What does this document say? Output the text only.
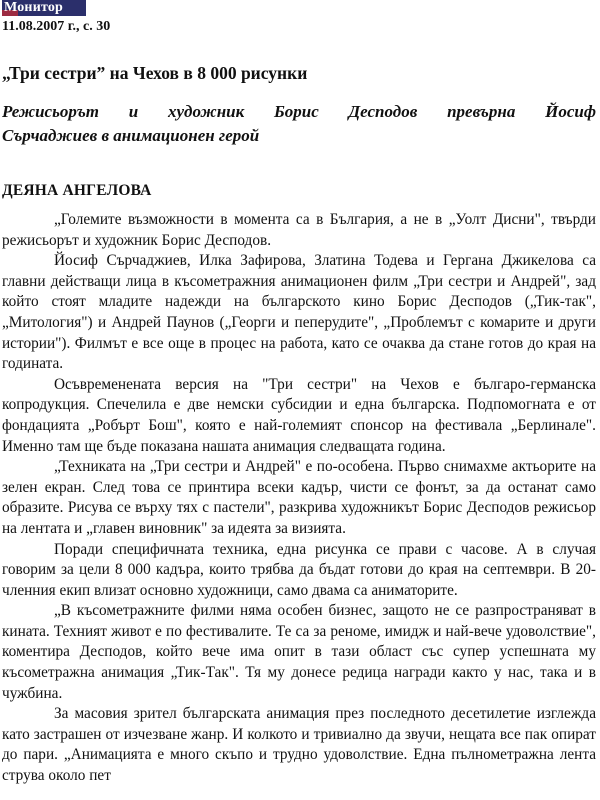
Монитор
11.08.2007 г., с. 30
„Три сестри” на Чехов в 8 000 рисунки
Режисьорът и художник Борис Десподов превърна Йосиф
Сърчаджиев в анимационен герой
ДЕЯНА АНГЕЛОВА

„Големите възможности в момента са в България, а не в „Уолт Дисни", твърди режисьорът и художник Борис Десподов.

Йосиф Сърчаджиев, Илка Зафирова, Златина Тодева и Гергана Джикелова са главни действащи лица в късометражния анимационен филм „Три сестри и Андрей", зад който стоят младите надежди на българското кино Борис Десподов („Тик-так", „Митология") и Андрей Паунов („Георги и пеперудите", „Проблемът с комарите и други истории"). Филмът е все още в процес на работа, като се очаква да стане готов до края на годината.

Осъвременената версия на "Три сестри" на Чехов е българо-германска копродукция. Спечелила е две немски субсидии и една българска. Подпомогната е от фондацията „Робърт Бош", която е най-големият спонсор на фестивала „Берлинале". Именно там ще бъде показана нашата анимация следващата година.

„Техниката на „Три сестри и Андрей" е по-особена. Първо снимахме актьорите на зелен екран. След това се принтира всеки кадър, чисти се фонът, за да останат само образите. Рисува се върху тях с пастели", разкрива художникът Борис Десподов режисьор на лентата и „главен виновник" за идеята за визията.

Поради специфичната техника, една рисунка се прави с часове. А в случая говорим за цели 8 000 кадъра, които трябва да бъдат готови до края на септември. В 20-членния екип влизат основно художници, само двама са аниматорите.

„В късометражните филми няма особен бизнес, защото не се разпространяват в кината. Техният живот е по фестивалите. Те са за реноме, имидж и най-вече удоволствие", коментира Десподов, който вече има опит в тази област със супер успешната му късометражна анимация „Тик-Так". Тя му донесе редица награди както у нас, така и в чужбина.

За масовия зрител българската анимация през последното десетилетие изглежда като застрашен от изчезване жанр. И колкото и тривиално да звучи, нещата все пак опират до пари. „Анимацията е много скъпо и трудно удоволствие. Една пълнометражна лента струва около пет
